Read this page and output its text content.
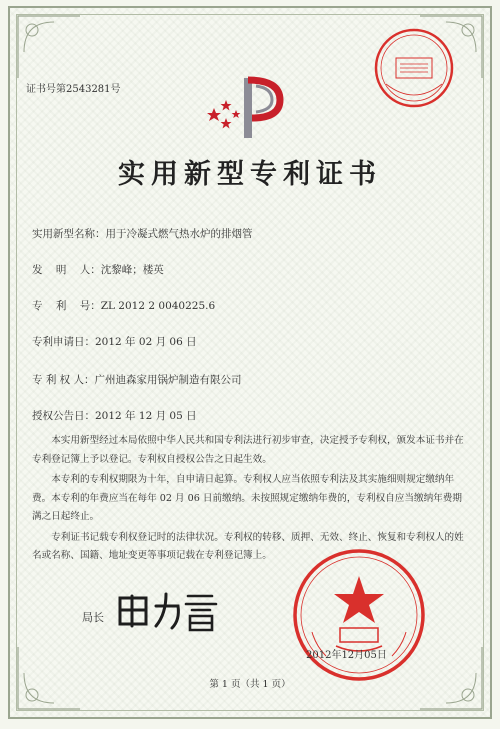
证书号第2543281号
实用新型专利证书
实用新型名称：用于冷凝式燃气热水炉的排烟管
发    明    人：沈黎峰；楼英
专    利    号：ZL 2012 2 0040225.6
专利申请日：2012 年 02 月 06 日
专 利 权 人：广州迪森家用锅炉制造有限公司
授权公告日：2012 年 12 月 05 日

本实用新型经过本局依照中华人民共和国专利法进行初步审查，决定授予专利权，颁发本证书并在专利登记簿上予以登记。专利权自授权公告之日起生效。

本专利的专利权期限为十年，自申请日起算。专利权人应当依照专利法及其实施细则规定缴纳年费。本专利的年费应当在每年 02 月 06 日前缴纳。未按照规定缴纳年费的，专利权自应当缴纳年费期满之日起终止。

专利证书记载专利权登记时的法律状况。专利权的转移、质押、无效、终止、恢复和专利权人的姓名或名称、国籍、地址变更等事项记载在专利登记簿上。

局长
2012年12月05日
第 1 页（共 1 页）
